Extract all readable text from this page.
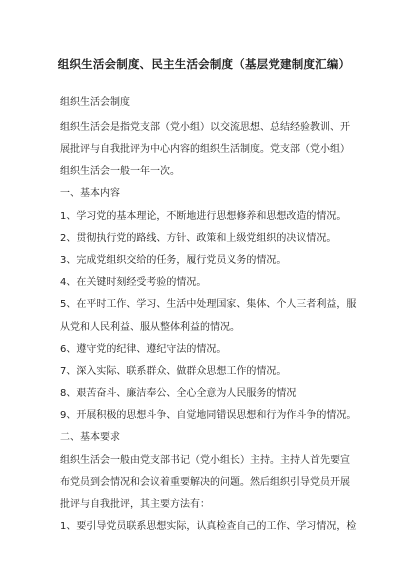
组织生活会制度、民主生活会制度（基层党建制度汇编）
组织生活会制度
组织生活会是指党支部（党小组）以交流思想、总结经验教训、开
展批评与自我批评为中心内容的组织生活制度。党支部（党小组）
组织生活会一般一年一次。
一、基本内容
1、学习党的基本理论，不断地进行思想修养和思想改造的情况。
2、贯彻执行党的路线、方针、政策和上级党组织的决议情况。
3、完成党组织交给的任务，履行党员义务的情况。
4、在关键时刻经受考验的情况。
5、在平时工作、学习、生活中处理国家、集体、个人三者利益，服
从党和人民利益、服从整体利益的情况。
6、遵守党的纪律、遵纪守法的情况。
7、深入实际、联系群众、做群众思想工作的情况。
8、艰苦奋斗、廉洁奉公、全心全意为人民服务的情况
9、开展积极的思想斗争、自觉地同错误思想和行为作斗争的情况。
二、基本要求
组织生活会一般由党支部书记（党小组长）主持。主持人首先要宣
布党员到会情况和会议着重要解决的问题。然后组织引导党员开展
批评与自我批评，其主要方法有：
1、要引导党员联系思想实际，认真检查自己的工作、学习情况，检
